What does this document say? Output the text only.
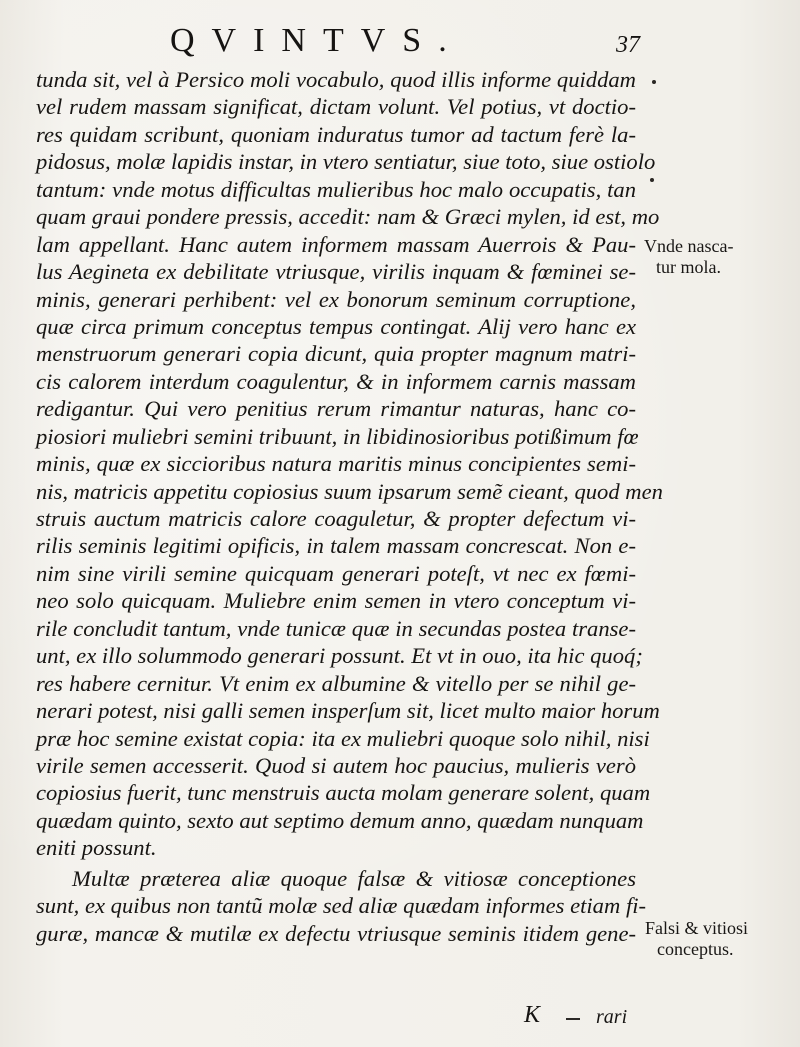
QVINTVS.	37
tunda sit, vel à Persico moli vocabulo, quod illis informe quiddam
vel rudem massam significat, dictam volunt. Vel potius, vt doctio-
res quidam scribunt, quoniam induratus tumor ad tactum ferè la-
pidosus, molæ lapidis instar, in vtero sentiatur, siue toto, siue ostiolo
tantum: vnde motus difficultas mulieribus hoc malo occupatis, tan
quam graui pondere pressis, accedit: nam & Græci mylen, id est, mo
lam appellant. Hanc autem informem massam Auerrois & Pau-
lus Aegineta ex debilitate vtriusque, virilis inquam & fœminei se-
minis, generari perhibent: vel ex bonorum seminum corruptione,
quæ circa primum conceptus tempus contingat. Alij vero hanc ex
menstruorum generari copia dicunt, quia propter magnum matri-
cis calorem interdum coagulentur, & in informem carnis massam
redigantur. Qui vero penitius rerum rimantur naturas, hanc co-
piosiori muliebri semini tribuunt, in libidinosioribus potißimum fœ
minis, quæ ex siccioribus natura maritis minus concipientes semi-
nis, matricis appetitu copiosius suum ipsarum semẽ cieant, quod men
struis auctum matricis calore coaguletur, & propter defectum vi-
rilis seminis legitimi opificis, in talem massam concrescat. Non e-
nim sine virili semine quicquam generari poteſt, vt nec ex fœmi-
neo solo quicquam. Muliebre enim semen in vtero conceptum vi-
rile concludit tantum, vnde tunicæ quæ in secundas postea transe-
unt, ex illo solummodo generari possunt. Et vt in ouo, ita hic quoq́;
res habere cernitur. Vt enim ex albumine & vitello per se nihil ge-
nerari potest, nisi galli semen insperſum sit, licet multo maior horum
præ hoc semine existat copia: ita ex muliebri quoque solo nihil, nisi
virile semen accesserit. Quod si autem hoc paucius, mulieris verò
copiosius fuerit, tunc menstruis aucta molam generare solent, quam
quædam quinto, sexto aut septimo demum anno, quædam nunquam
eniti possunt.
Multæ præterea aliæ quoque falsæ & vitiosæ conceptiones
sunt, ex quibus non tantũ molæ sed aliæ quædam informes etiam fi-
guræ, mancæ & mutilæ ex defectu vtriusque seminis itidem gene-
Vnde nasca-
tur mola.
Falsi & vitiosi
conceptus.
K	rari
